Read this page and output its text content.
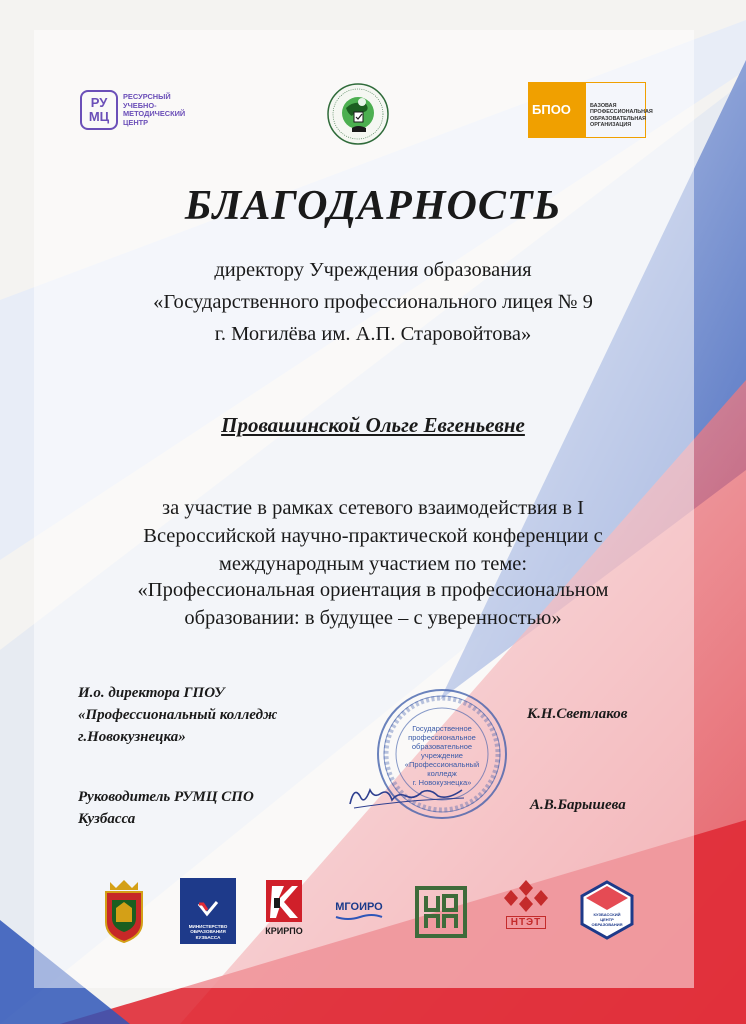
РУ
МЦ
РЕСУРСНЫЙ
УЧЕБНО-
МЕТОДИЧЕСКИЙ
ЦЕНТР
БПОО	БАЗОВАЯ
ПРОФЕССИОНАЛЬНАЯ
ОБРАЗОВАТЕЛЬНАЯ
ОРГАНИЗАЦИЯ
БЛАГОДАРНОСТЬ
директору Учреждения образования
«Государственного профессионального лицея № 9
г. Могилёва им. А.П. Старовойтова»
Провашинской Ольге Евгеньевне
за участие в рамках сетевого взаимодействия в I
Всероссийской научно-практической конференции с
международным участием по теме:
«Профессиональная ориентация в профессиональном
образовании: в будущее – с уверенностью»
И.о. директора ГПОУ
«Профессиональный колледж
г.Новокузнецка»
К.Н.Светлаков
Руководитель РУМЦ СПО
Кузбасса
А.В.Барышева
Государственное
профессиональное
образовательное
учреждение
«Профессиональный
колледж
г. Новокузнецка»
МИНИСТЕРСТВО
ОБРАЗОВАНИЯ
КУЗБАССА
КРИРПО
МГОИРО
НТЭТ
КУЗБАССКИЙ
ЦЕНТР
ОБРАЗОВАНИЯ
